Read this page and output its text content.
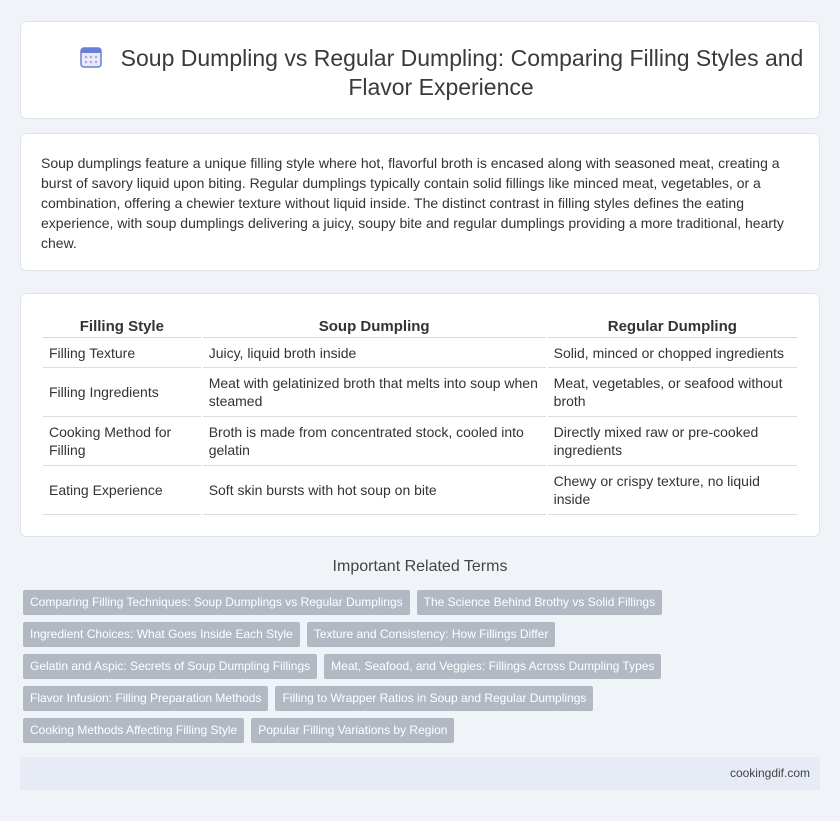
Soup Dumpling vs Regular Dumpling: Comparing Filling Styles and Flavor Experience

Soup dumplings feature a unique filling style where hot, flavorful broth is encased along with seasoned meat, creating a burst of savory liquid upon biting. Regular dumplings typically contain solid fillings like minced meat, vegetables, or a combination, offering a chewier texture without liquid inside. The distinct contrast in filling styles defines the eating experience, with soup dumplings delivering a juicy, soupy bite and regular dumplings providing a more traditional, hearty chew.

Filling Style	Soup Dumpling	Regular Dumpling
Filling Texture	Juicy, liquid broth inside	Solid, minced or chopped ingredients
Filling Ingredients	Meat with gelatinized broth that melts into soup when steamed	Meat, vegetables, or seafood without broth
Cooking Method for Filling	Broth is made from concentrated stock, cooled into gelatin	Directly mixed raw or pre-cooked ingredients
Eating Experience	Soft skin bursts with hot soup on bite	Chewy or crispy texture, no liquid inside
Important Related Terms
Comparing Filling Techniques: Soup Dumplings vs Regular Dumplings	The Science Behind Brothy vs Solid Fillings
Ingredient Choices: What Goes Inside Each Style	Texture and Consistency: How Fillings Differ
Gelatin and Aspic: Secrets of Soup Dumpling Fillings	Meat, Seafood, and Veggies: Fillings Across Dumpling Types
Flavor Infusion: Filling Preparation Methods	Filling to Wrapper Ratios in Soup and Regular Dumplings
Cooking Methods Affecting Filling Style	Popular Filling Variations by Region
cookingdif.com
